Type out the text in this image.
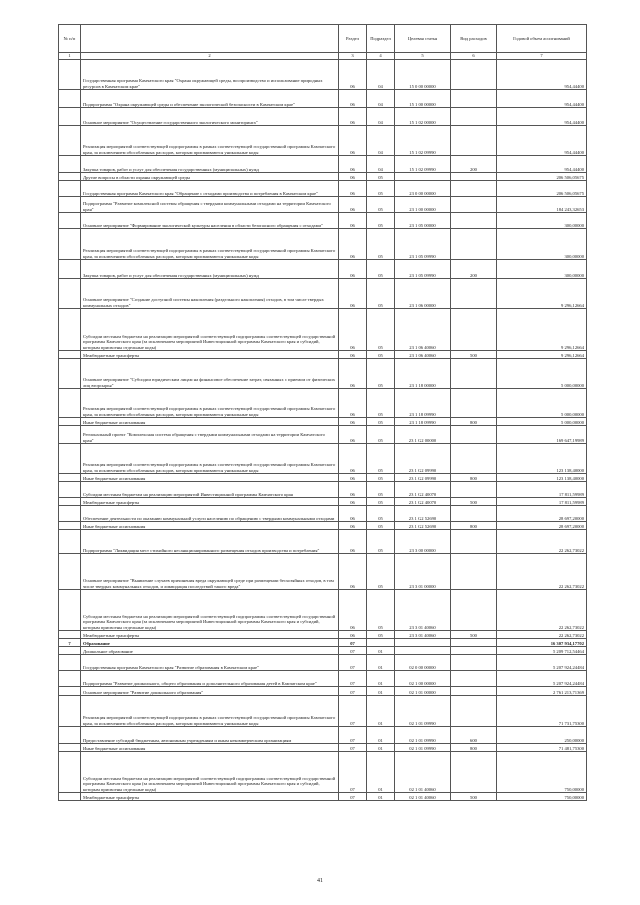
№ п/п		Раздел	Подраздел	Целевая статья	Вид расходов	Годовой объем ассигнований
1	2	3	4	5	6	7
	Государственная программа Камчатского края "Охрана окружающей среды, воспроизводство и использование природных ресурсов в Камчатском крае"	06	04	15 0 00 00000		954,44400
	Подпрограмма "Охрана окружающей среды и обеспечение экологической безопасности в Камчатском крае"	06	04	15 1 00 00000		954,44400
	Основное мероприятие "Осуществление государственного экологического мониторинга"	06	04	15 1 02 00000		954,44400
	Реализация мероприятий соответствующей подпрограммы в рамках соответствующей государственной программы Камчатского края, за исключением обособленных расходов, которым присваиваются уникальные коды	06	04	15 1 02 09990		954,44400
	Закупка товаров, работ и услуг для обеспечения государственных (муниципальных) нужд	06	04	15 1 02 09990	200	954,44400
	Другие вопросы в области охраны окружающей среды	06	05			206 506,05675
	Государственная программа Камчатского края "Обращение с отходами производства и потребления в Камчатском крае"	06	05	23 0 00 00000		206 506,05675
	Подпрограмма "Развитие комплексной системы обращения с твердыми коммунальными отходами на территории Камчатского края"	06	05	23 1 00 00000		184 243,32653
	Основное мероприятие "Формирование экологической культуры населения в области безопасного обращения с отходами"	06	05	23 1 05 00000		300,00000
	Реализация мероприятий соответствующей подпрограммы в рамках соответствующей государственной программы Камчатского края, за исключением обособленных расходов, которым присваиваются уникальные коды	06	05	23 1 05 09990		300,00000
	Закупка товаров, работ и услуг для обеспечения государственных (муниципальных) нужд	06	05	23 1 05 09990	200	300,00000
	Основное мероприятие "Создание доступной системы накопления (раздельного накопления) отходов, в том числе твердых коммунальных отходов"	06	05	23 1 06 00000		9 296,12664
	Субсидии местным бюджетам на реализацию мероприятий соответствующей подпрограммы соответствующей государственной программы Камчатского края (за исключением мероприятий Инвестиционной программы Камчатского края и субсидий, которым присвоены отдельные коды)	06	05	23 1 06 40060		9 296,12664
	Межбюджетные трансферты	06	05	23 1 06 40060	500	9 296,12664
	Основное мероприятие "Субсидии юридическим лицам на финансовое обеспечение затрат, связанных с приемом от физических лиц вторсырья"	06	05	23 1 18 00000		5 000,00000
	Реализация мероприятий соответствующей подпрограммы в рамках соответствующей государственной программы Камчатского края, за исключением обособленных расходов, которым присваиваются уникальные коды	06	05	23 1 18 09990		5 000,00000
	Иные бюджетные ассигнования	06	05	23 1 18 09990	800	5 000,00000
	Региональный проект "Комплексная система обращения с твердыми коммунальными отходами на территории Камчатского края"	06	05	23 1 G2 00000		169 647,19989
	Реализация мероприятий соответствующей подпрограммы в рамках соответствующей государственной программы Камчатского края, за исключением обособленных расходов, которым присваиваются уникальные коды	06	05	23 1 G2 09990		123 138,40000
	Иные бюджетные ассигнования	06	05	23 1 G2 09990	800	123 138,40000
	Субсидии местным бюджетам на реализацию мероприятий Инвестиционной программы Камчатского края	06	05	23 1 G2 40070		17 811,59989
	Межбюджетные трансферты	06	05	23 1 G2 40070	500	17 811,59989
	Обеспечение деятельности по оказанию коммунальной услуги населению по обращению с твердыми коммунальными отходами	06	05	23 1 G2 52690		28 697,20000
	Иные бюджетные ассигнования	06	05	23 1 G2 52690	800	28 697,20000
	Подпрограмма "Ликвидация мест стихийного несанкционированного размещения отходов производства и потребления"	06	05	23 3 00 00000		22 262,73022
	Основное мероприятие "Выявление случаев причинения вреда окружающей среде при размещении бесхозяйных отходов, в том числе твердых коммунальных отходов, и ликвидация последствий такого вреда"	06	05	23 3 01 00000		22 262,73022
	Субсидии местным бюджетам на реализацию мероприятий соответствующей подпрограммы соответствующей государственной программы Камчатского края (за исключением мероприятий Инвестиционной программы Камчатского края и субсидий, которым присвоены отдельные коды)	06	05	23 3 01 40060		22 262,73022
	Межбюджетные трансферты	06	05	23 3 01 40060	500	22 262,73022
7	Образование	07				16 307 934,17702
	Дошкольное образование	07	01			5 209 712,54464
	Государственная программа Камчатского края "Развитие образования в Камчатском крае"	07	01	02 0 00 00000		5 207 924,24484
	Подпрограмма "Развитие дошкольного, общего образования и дополнительного образования детей в Камчатском крае"	07	01	02 1 00 00000		5 207 924,24484
	Основное мероприятие "Развитие дошкольного образования"	07	01	02 1 01 00000		2 761 213,71369
	Реализация мероприятий соответствующей подпрограммы в рамках соответствующей государственной программы Камчатского края, за исключением обособленных расходов, которым присваиваются уникальные коды	07	01	02 1 01 09990		71 731,75300
	Предоставление субсидий бюджетным, автономным учреждениям и иным некоммерческим организациям	07	01	02 1 01 09990	600	250,00000
	Иные бюджетные ассигнования	07	01	02 1 01 09990	800	71 481,75300
	Субсидии местным бюджетам на реализацию мероприятий соответствующей подпрограммы соответствующей государственной программы Камчатского края (за исключением мероприятий Инвестиционной программы Камчатского края и субсидий, которым присвоены отдельные коды)	07	01	02 1 01 40060		750,00000
	Межбюджетные трансферты	07	01	02 1 01 40060	500	750,00000
41
